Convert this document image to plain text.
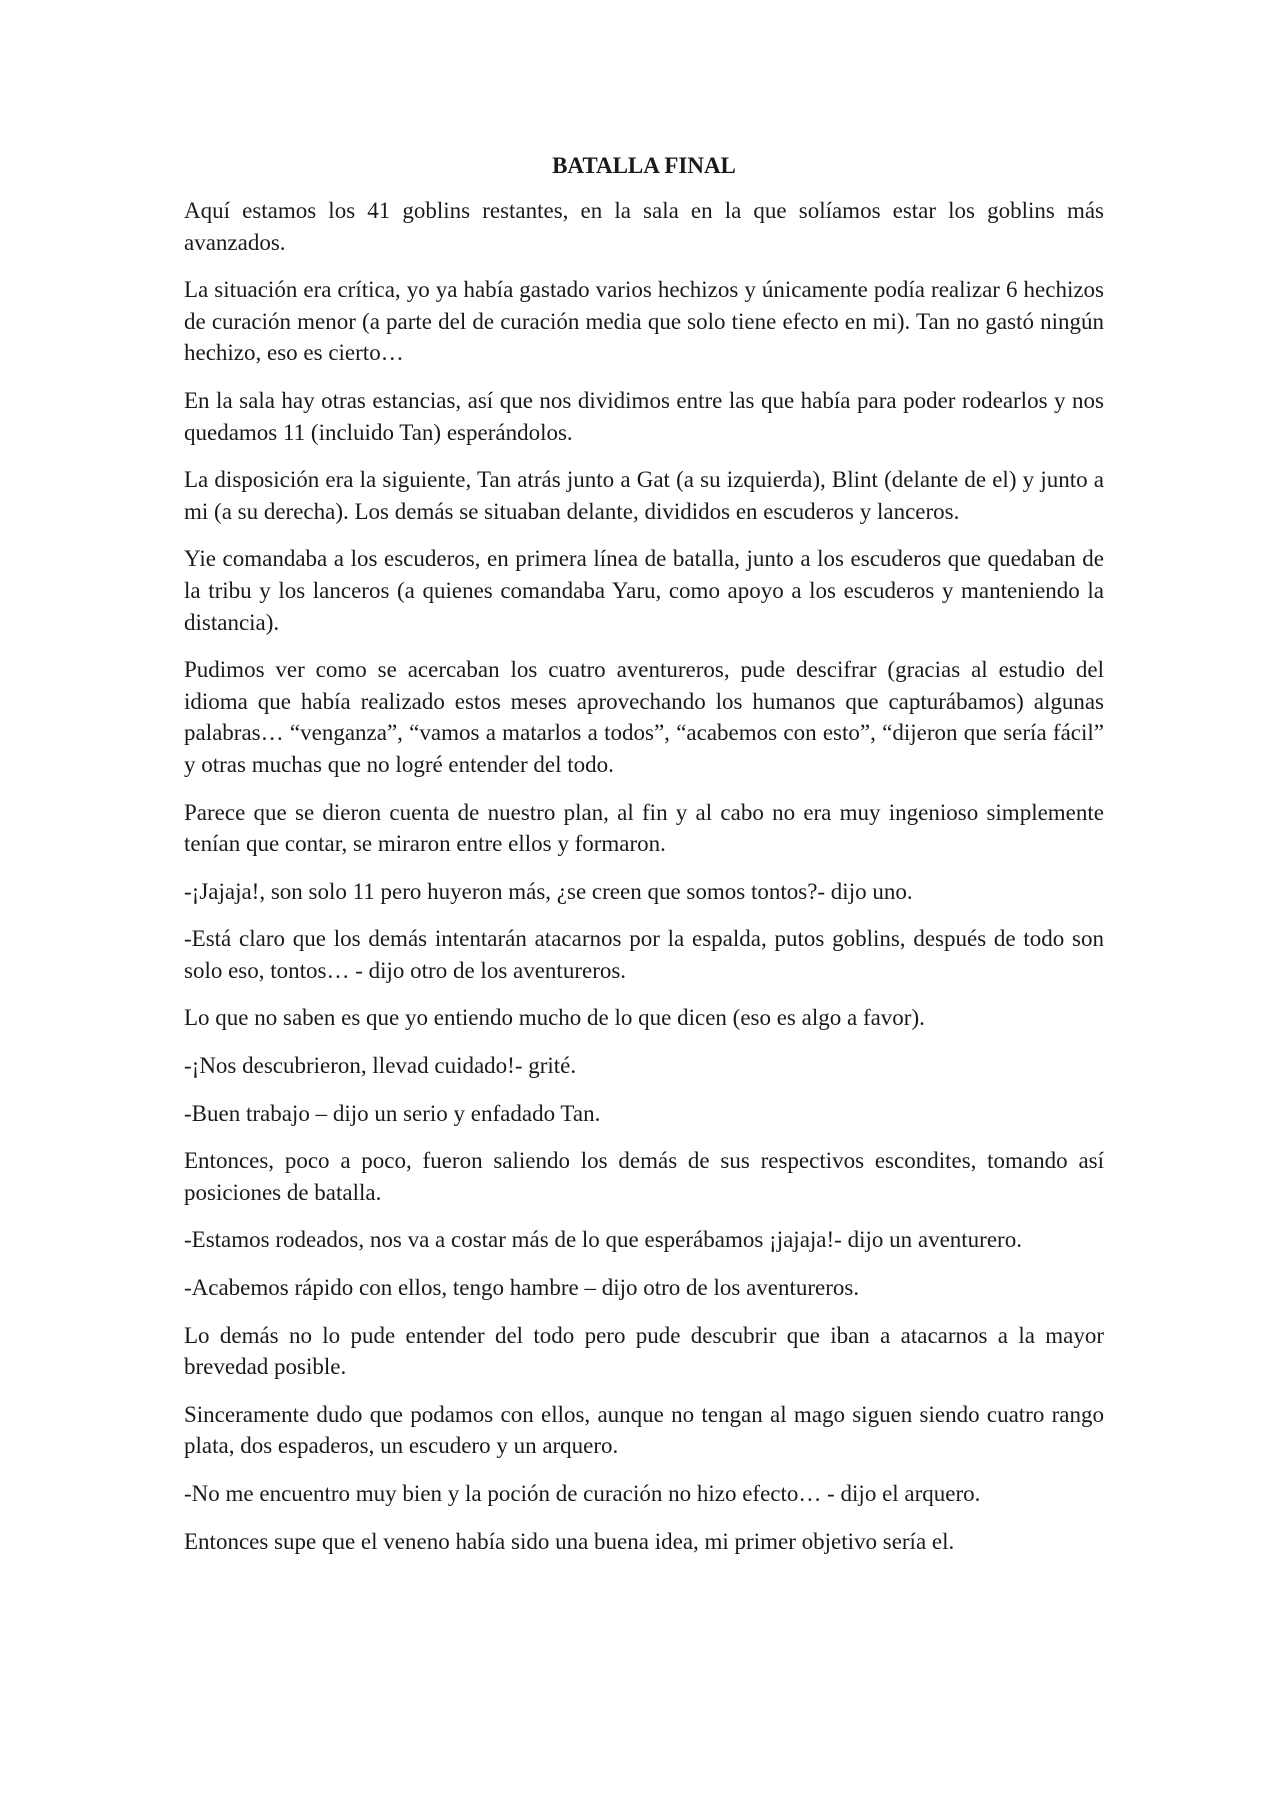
BATALLA FINAL

Aquí estamos los 41 goblins restantes, en la sala en la que solíamos estar los goblins más avanzados.

La situación era crítica, yo ya había gastado varios hechizos y únicamente podía realizar 6 hechizos de curación menor (a parte del de curación media que solo tiene efecto en mi). Tan no gastó ningún hechizo, eso es cierto…

En la sala hay otras estancias, así que nos dividimos entre las que había para poder rodearlos y nos quedamos 11 (incluido Tan) esperándolos.

La disposición era la siguiente, Tan atrás junto a Gat (a su izquierda), Blint (delante de el) y junto a mi (a su derecha). Los demás se situaban delante, divididos en escuderos y lanceros.

Yie comandaba a los escuderos, en primera línea de batalla, junto a los escuderos que quedaban de la tribu y los lanceros (a quienes comandaba Yaru, como apoyo a los escuderos y manteniendo la distancia).

Pudimos ver como se acercaban los cuatro aventureros, pude descifrar (gracias al estudio del idioma que había realizado estos meses aprovechando los humanos que capturábamos) algunas palabras… “venganza”, “vamos a matarlos a todos”, “acabemos con esto”, “dijeron que sería fácil” y otras muchas que no logré entender del todo.

Parece que se dieron cuenta de nuestro plan, al fin y al cabo no era muy ingenioso simplemente tenían que contar, se miraron entre ellos y formaron.

-¡Jajaja!, son solo 11 pero huyeron más, ¿se creen que somos tontos?- dijo uno.

-Está claro que los demás intentarán atacarnos por la espalda, putos goblins, después de todo son solo eso, tontos… - dijo otro de los aventureros.

Lo que no saben es que yo entiendo mucho de lo que dicen (eso es algo a favor).

-¡Nos descubrieron, llevad cuidado!- grité.

-Buen trabajo – dijo un serio y enfadado Tan.

Entonces, poco a poco, fueron saliendo los demás de sus respectivos escondites, tomando así posiciones de batalla.

-Estamos rodeados, nos va a costar más de lo que esperábamos ¡jajaja!- dijo un aventurero.

-Acabemos rápido con ellos, tengo hambre – dijo otro de los aventureros.

Lo demás no lo pude entender del todo pero pude descubrir que iban a atacarnos a la mayor brevedad posible.

Sinceramente dudo que podamos con ellos, aunque no tengan al mago siguen siendo cuatro rango plata, dos espaderos, un escudero y un arquero.

-No me encuentro muy bien y la poción de curación no hizo efecto… - dijo el arquero.

Entonces supe que el veneno había sido una buena idea, mi primer objetivo sería el.
